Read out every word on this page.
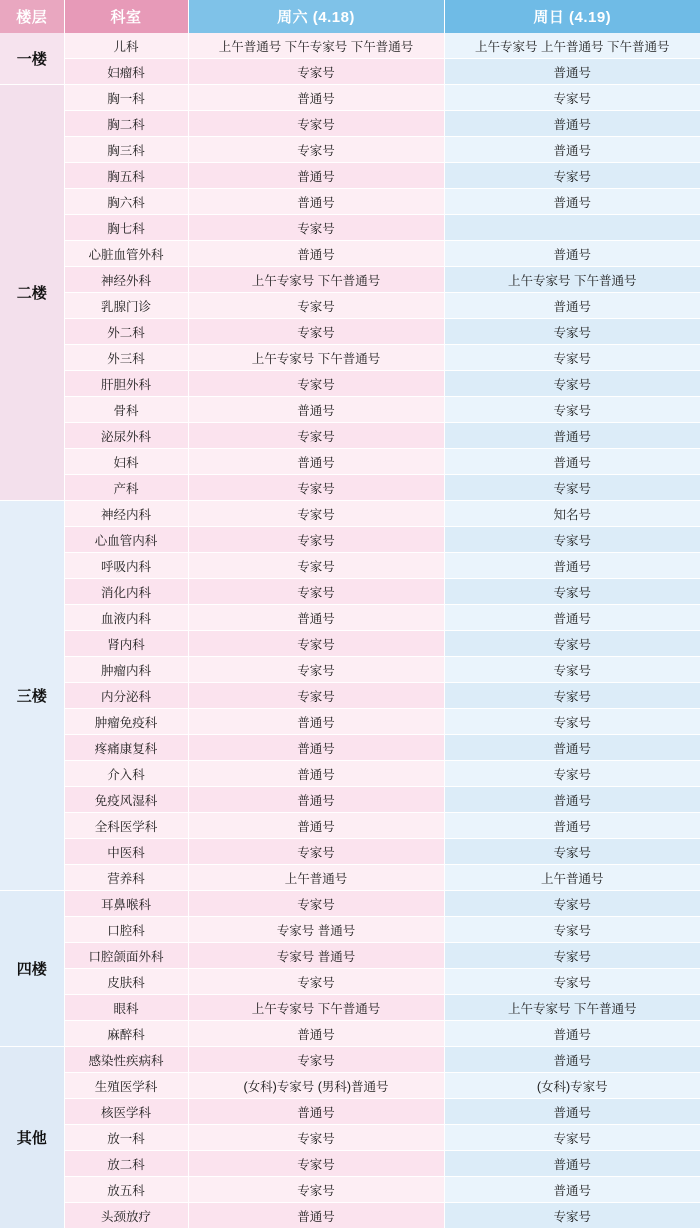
楼层	科室	周六 (4.18)	周日 (4.19)
一楼	儿科	上午普通号 下午专家号 下午普通号	上午专家号 上午普通号 下午普通号
	妇瘤科	专家号	普通号
二楼	胸一科	普通号	专家号
	胸二科	专家号	普通号
	胸三科	专家号	普通号
	胸五科	普通号	专家号
	胸六科	普通号	普通号
	胸七科	专家号	
	心脏血管外科	普通号	普通号
	神经外科	上午专家号 下午普通号	上午专家号 下午普通号
	乳腺门诊	专家号	普通号
	外二科	专家号	专家号
	外三科	上午专家号 下午普通号	专家号
	肝胆外科	专家号	专家号
	骨科	普通号	专家号
	泌尿外科	专家号	普通号
	妇科	普通号	普通号
	产科	专家号	专家号
三楼	神经内科	专家号	知名号
	心血管内科	专家号	专家号
	呼吸内科	专家号	普通号
	消化内科	专家号	专家号
	血液内科	普通号	普通号
	肾内科	专家号	专家号
	肿瘤内科	专家号	专家号
	内分泌科	专家号	专家号
	肿瘤免疫科	普通号	专家号
	疼痛康复科	普通号	普通号
	介入科	普通号	专家号
	免疫风湿科	普通号	普通号
	全科医学科	普通号	普通号
	中医科	专家号	专家号
	营养科	上午普通号	上午普通号
四楼	耳鼻喉科	专家号	专家号
	口腔科	专家号 普通号	专家号
	口腔颌面外科	专家号 普通号	专家号
	皮肤科	专家号	专家号
	眼科	上午专家号 下午普通号	上午专家号 下午普通号
	麻醉科	普通号	普通号
其他	感染性疾病科	专家号	普通号
	生殖医学科	(女科)专家号 (男科)普通号	(女科)专家号
	核医学科	普通号	普通号
	放一科	专家号	专家号
	放二科	专家号	普通号
	放五科	专家号	普通号
	头颈放疗	普通号	专家号
